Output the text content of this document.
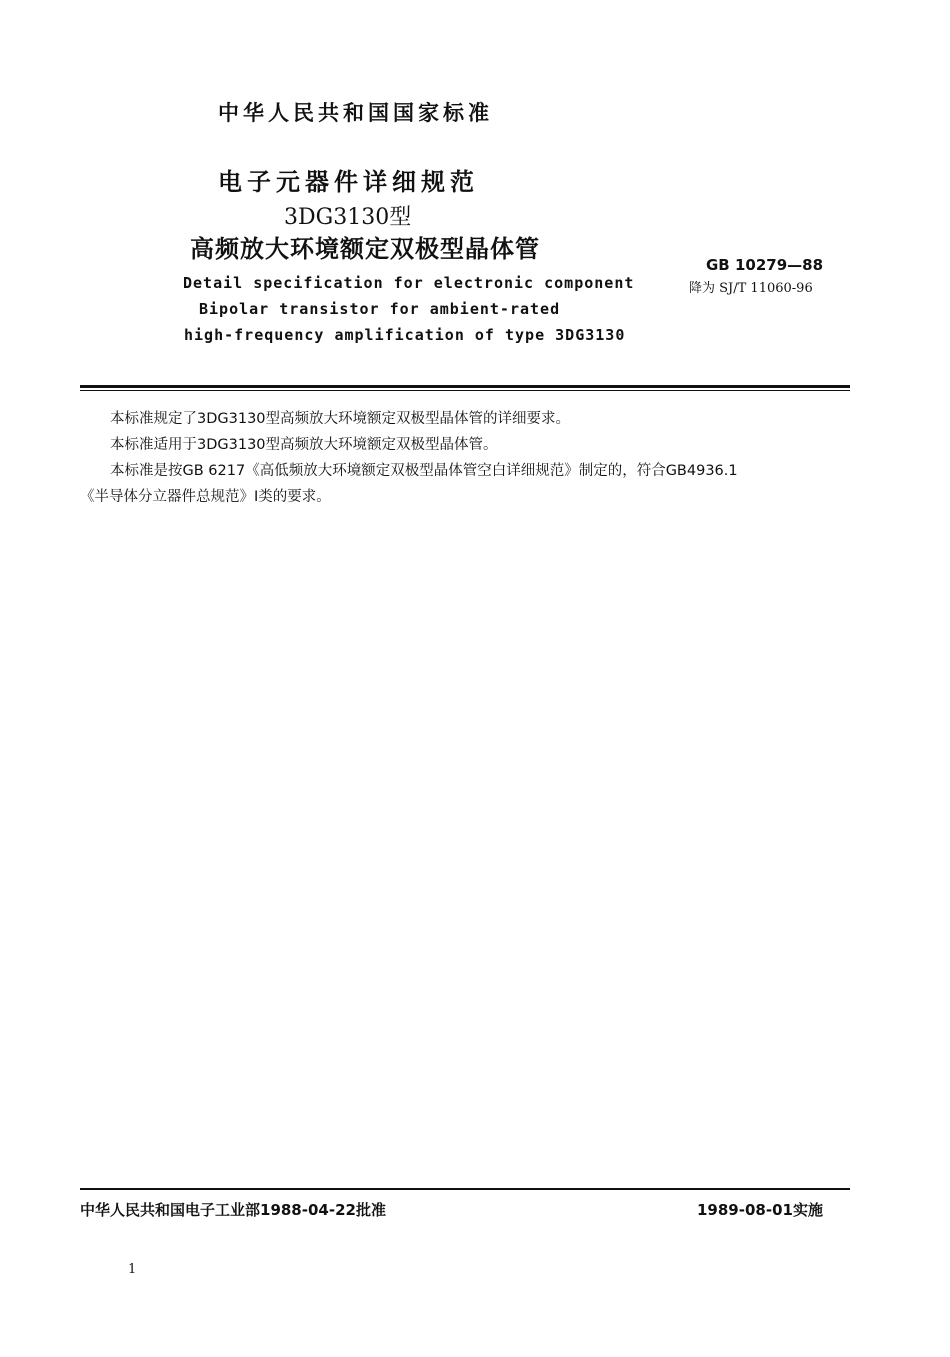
中华人民共和国国家标准
电子元器件详细规范
3DG3130型
高频放大环境额定双极型晶体管
Detail specification for electronic component
Bipolar transistor for ambient-rated
high-frequency amplification of type 3DG3130
GB 10279—88
降为 SJ/T 11060-96
本标准规定了3DG3130型高频放大环境额定双极型晶体管的详细要求。
本标准适用于3DG3130型高频放大环境额定双极型晶体管。
本标准是按GB 6217《高低频放大环境额定双极型晶体管空白详细规范》制定的，符合GB4936.1
《半导体分立器件总规范》Ⅰ类的要求。
中华人民共和国电子工业部1988-04-22批准	1989-08-01实施
1
